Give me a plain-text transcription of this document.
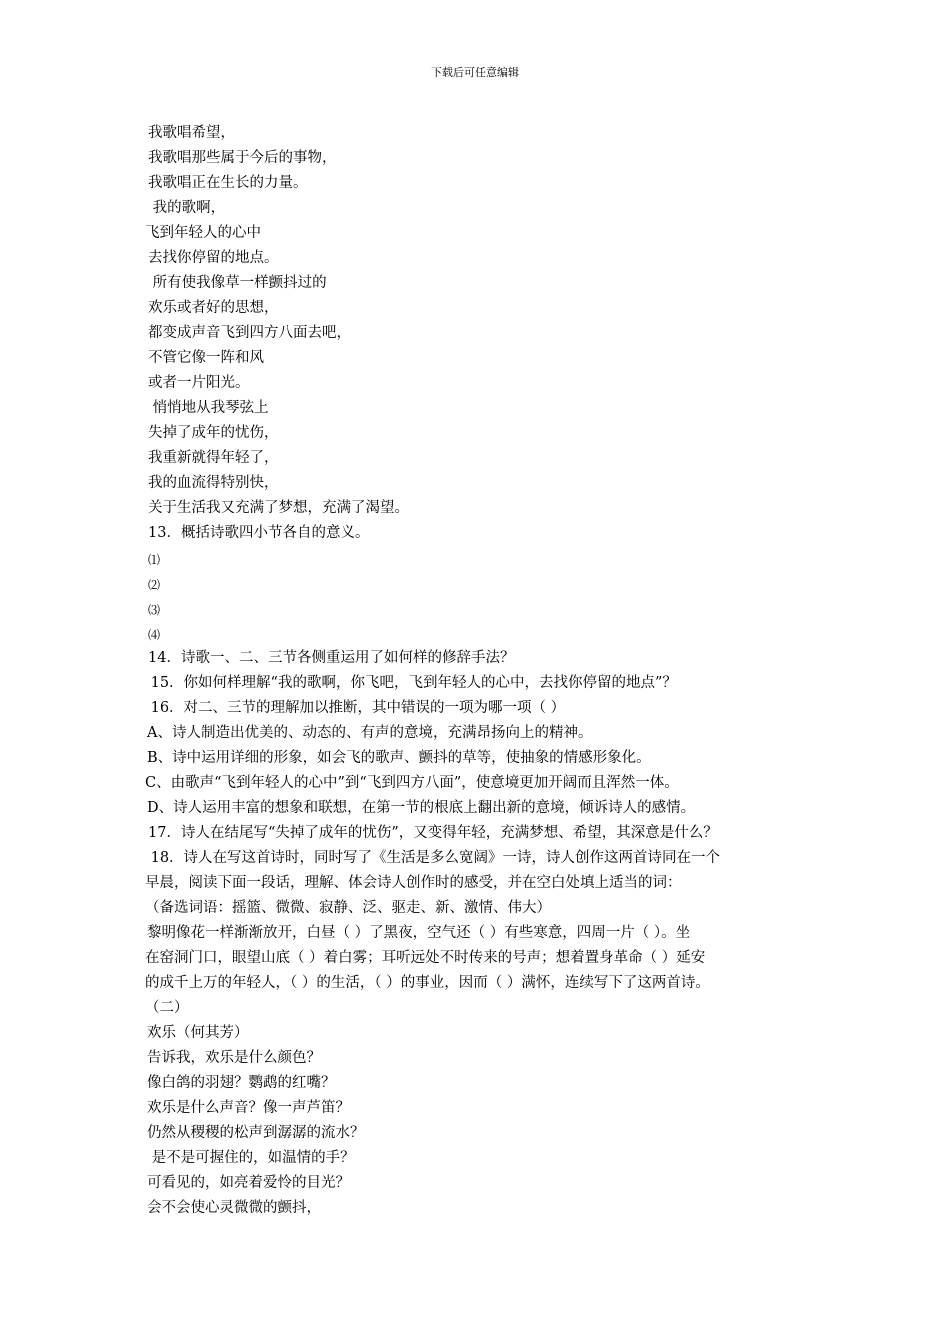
下载后可任意编辑
我歌唱希望，
我歌唱那些属于今后的事物，
我歌唱正在生长的力量。
我的歌啊，
飞到年轻人的心中
去找你停留的地点。
所有使我像草一样颤抖过的
欢乐或者好的思想，
都变成声音飞到四方八面去吧，
不管它像一阵和风
或者一片阳光。
悄悄地从我琴弦上
失掉了成年的忧伤，
我重新就得年轻了，
我的血流得特别快，
关于生活我又充满了梦想，充满了渴望。
13．概括诗歌四小节各自的意义。
⑴
⑵
⑶
⑷
14．诗歌一、二、三节各侧重运用了如何样的修辞手法？
15．你如何样理解“我的歌啊，你飞吧，飞到年轻人的心中，去找你停留的地点”？
16．对二、三节的理解加以推断，其中错误的一项为哪一项（ ）
A、诗人制造出优美的、动态的、有声的意境，充满昂扬向上的精神。
B、诗中运用详细的形象，如会飞的歌声、颤抖的草等，使抽象的情感形象化。
C、由歌声“飞到年轻人的心中”到“飞到四方八面”，使意境更加开阔而且浑然一体。
D、诗人运用丰富的想象和联想，在第一节的根底上翻出新的意境，倾诉诗人的感情。
17．诗人在结尾写“失掉了成年的忧伤”，又变得年轻，充满梦想、希望，其深意是什么？
18．诗人在写这首诗时，同时写了《生活是多么宽阔》一诗，诗人创作这两首诗同在一个
早晨，阅读下面一段话，理解、体会诗人创作时的感受，并在空白处填上适当的词：
（备选词语：摇篮、微微、寂静、泛、驱走、新、激情、伟大）
黎明像花一样渐渐放开，白昼（ ）了黑夜，空气还（ ）有些寒意，四周一片（ ）。坐
在窑洞门口，眼望山底（ ）着白雾；耳听远处不时传来的号声；想着置身革命（ ）延安
的成千上万的年轻人，（ ）的生活，（ ）的事业，因而（ ）满怀，连续写下了这两首诗。
（二）
欢乐（何其芳）
告诉我，欢乐是什么颜色？
像白鸽的羽翅？鹦鹉的红嘴？
欢乐是什么声音？像一声芦笛？
仍然从稷稷的松声到潺潺的流水？
是不是可握住的，如温情的手？
可看见的，如亮着爱怜的目光？
会不会使心灵微微的颤抖，
